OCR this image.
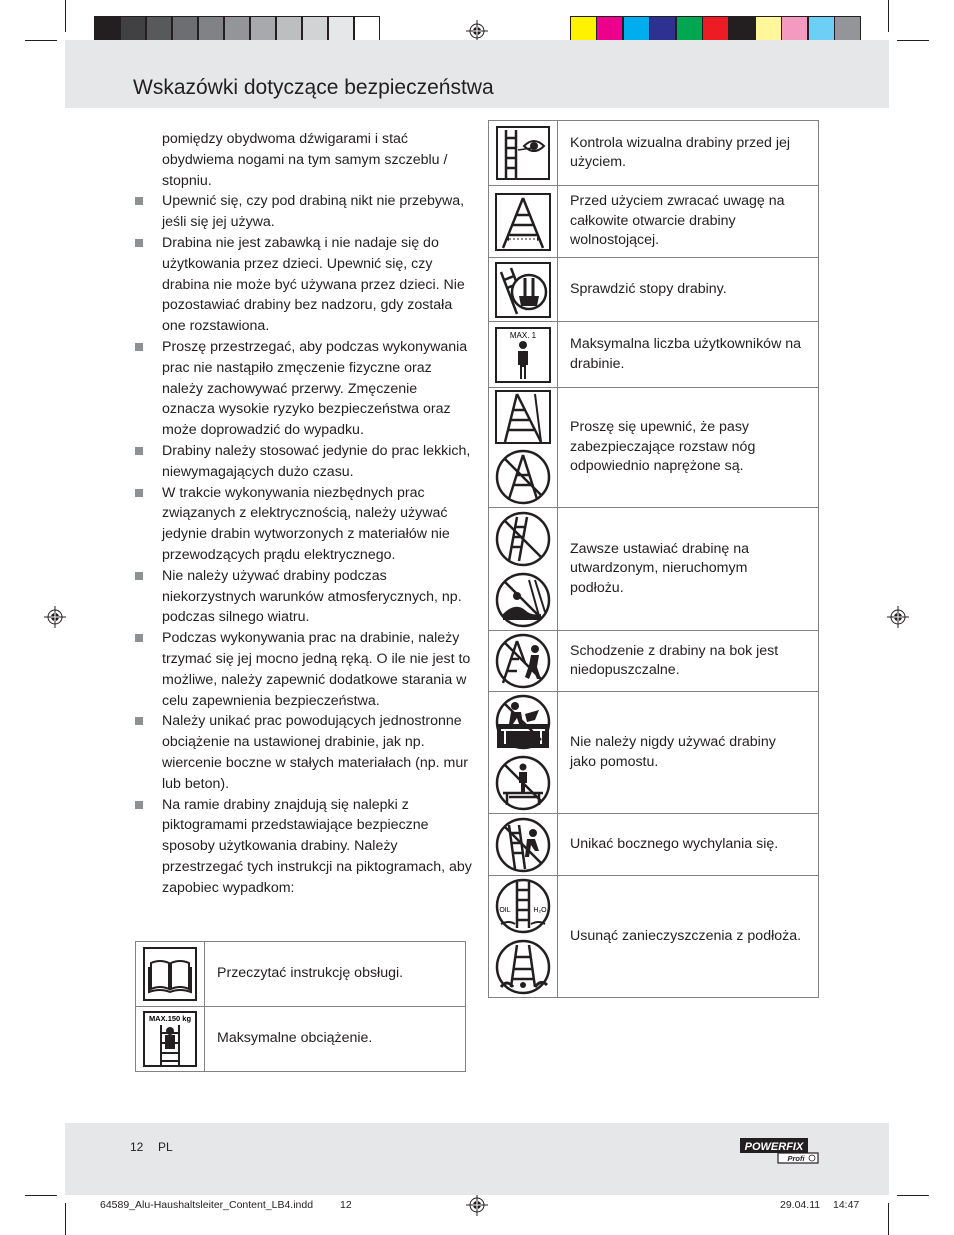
Wskazówki dotyczące bezpieczeństwa

pomiędzy obydwoma dźwigarami i stać obydwiema nogami na tym samym szczeblu / stopniu.

Upewnić się, czy pod drabiną nikt nie przebywa, jeśli się jej używa.

Drabina nie jest zabawką i nie nadaje się do użytkowania przez dzieci. Upewnić się, czy drabina nie może być używana przez dzieci. Nie pozostawiać drabiny bez nadzoru, gdy została one rozstawiona.

Proszę przestrzegać, aby podczas wykonywania prac nie nastąpiło zmęczenie fizyczne oraz należy zachowywać przerwy. Zmęczenie oznacza wysokie ryzyko bezpieczeństwa oraz może doprowadzić do wypadku.

Drabiny należy stosować jedynie do prac lekkich, niewymagających dużo czasu.

W trakcie wykonywania niezbędnych prac związanych z elektrycznością, należy używać jedynie drabin wytworzonych z materiałów nie przewodzących prądu elektrycznego.

Nie należy używać drabiny podczas niekorzystnych warunków atmosferycznych, np. podczas silnego wiatru.

Podczas wykonywania prac na drabinie, należy trzymać się jej mocno jedną ręką. O ile nie jest to możliwe, należy zapewnić dodatkowe starania w celu zapewnienia bezpieczeństwa.

Należy unikać prac powodujących jednostronne obciążenie na ustawionej drabinie, jak np. wiercenie boczne w stałych materiałach (np. mur lub beton).

Na ramie drabiny znajdują się nalepki z piktogramami przedstawiające bezpieczne sposoby użytkowania drabiny. Należy przestrzegać tych instrukcji na piktogramach, aby zapobiec wypadkom:

	Przeczytać instrukcję obsługi.

MAX.150 kg	Maksymalne obciążenie.
	Kontrola wizualna drabiny przed jej użyciem.

	Przed użyciem zwracać uwagę na całkowite otwarcie drabiny wolnostojącej.

	Sprawdzić stopy drabiny.

MAX. 1	Maksymalna liczba użytkowników na drabinie.

	Proszę się upewnić, że pasy zabezpieczające rozstaw nóg odpowiednio naprężone są.

	Zawsze ustawiać drabinę na utwardzonym, nieruchomym podłożu.

	Schodzenie z drabiny na bok jest niedopuszczalne.

	Nie należy nigdy używać drabiny jako pomostu.

	Unikać bocznego wychylania się.

OIL H₂O	Usunąć zanieczyszczenia z podłoża.
12 PL	POWERFIX
Profi
64589_Alu-Haushaltsleiter_Content_LB4.indd	12	29.04.11 14:47
